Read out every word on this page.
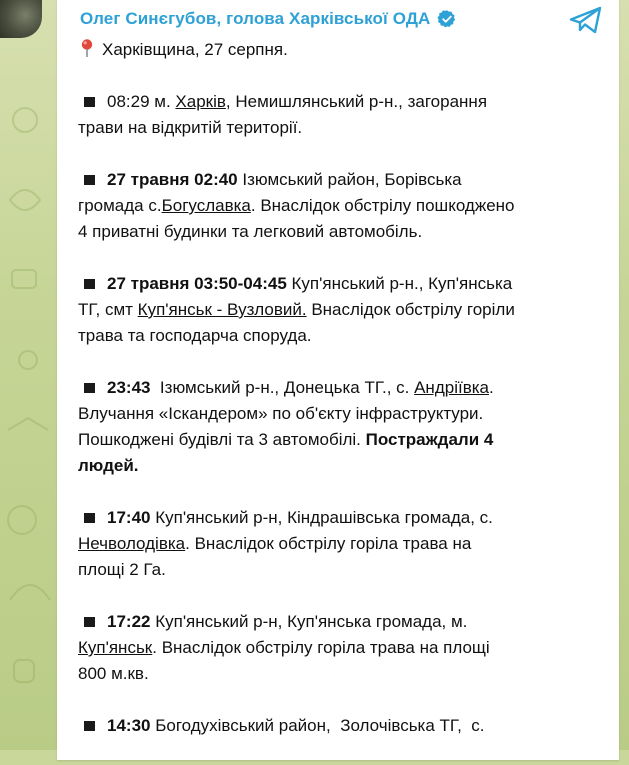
Олег Синєгубов, голова Харківської ОДА

Харківщина, 27 серпня.

08:29 м. Харків, Немишлянський р-н., загорання
трави на відкритій території.

27 травня 02:40 Ізюмський район, Борівська
громада с.Богуславка. Внаслідок обстрілу пошкоджено
4 приватні будинки та легковий автомобіль.

27 травня 03:50-04:45 Куп'янський р-н., Куп'янська
ТГ, смт Куп'янськ - Вузловий. Внаслідок обстрілу горіли
трава та господарча споруда.

23:43  Ізюмський р-н., Донецька ТГ., с. Андріївка.
Влучання «Іскандером» по об'єкту інфраструктури.
Пошкоджені будівлі та 3 автомобілі. Постраждали 4
людей.

17:40 Куп'янський р-н, Кіндрашівська громада, с.
Нечволодівка. Внаслідок обстрілу горіла трава на
площі 2 Га.

17:22 Куп'янський р-н, Куп'янська громада, м.
Куп'янськ. Внаслідок обстрілу горіла трава на площі
800 м.кв.

14:30 Богодухівський район,  Золочівська ТГ,  с.
